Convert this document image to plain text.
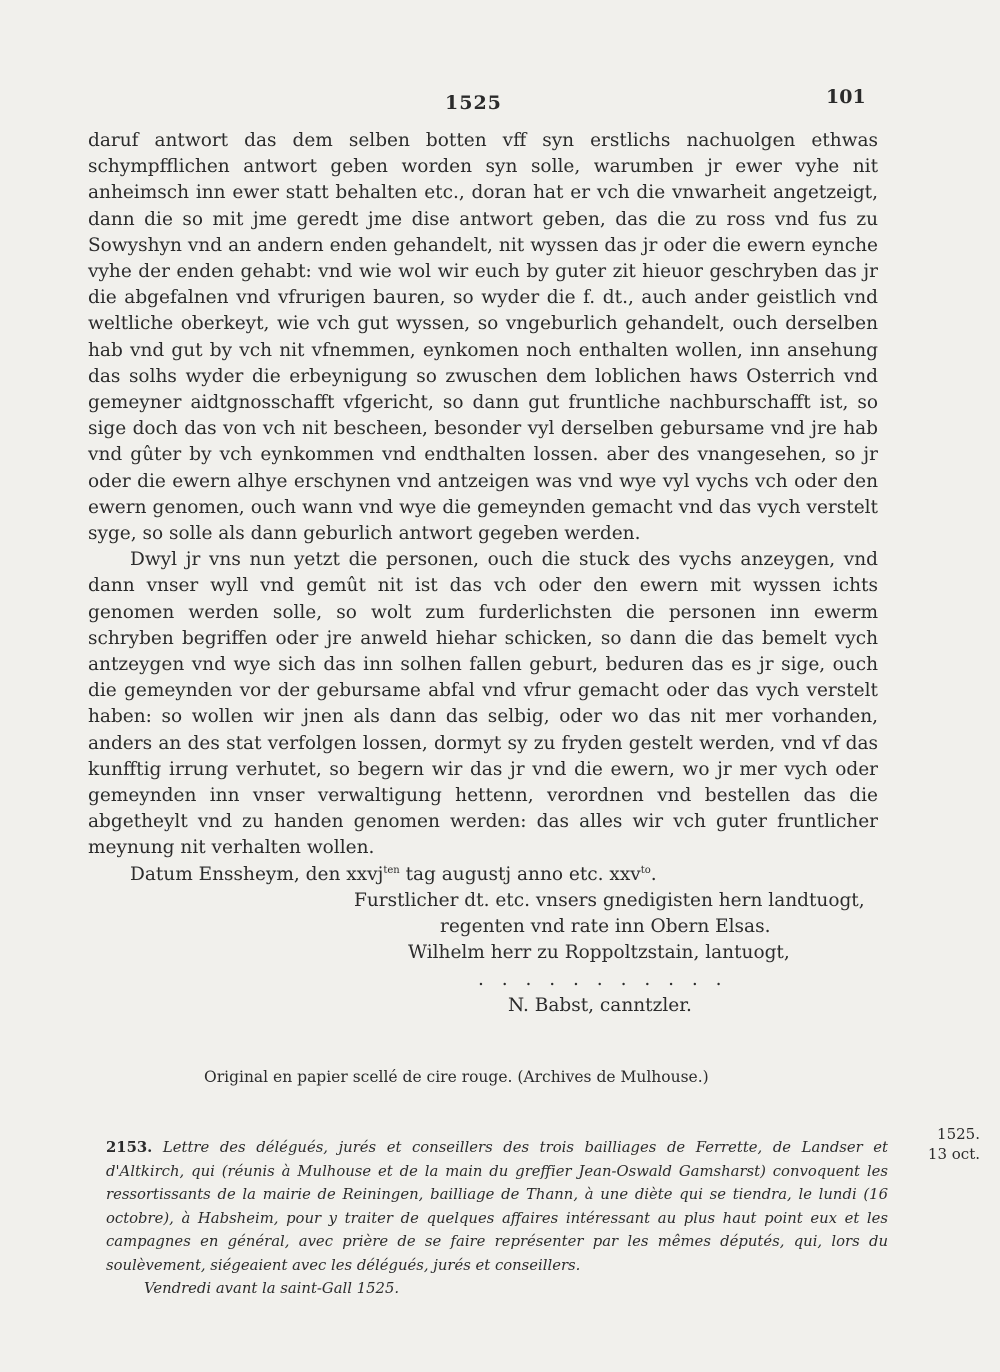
1525	101

daruf antwort das dem selben botten vff syn erstlichs nachuolgen ethwas schympfflichen antwort geben worden syn solle, warumben jr ewer vyhe nit anheimsch inn ewer statt behalten etc., doran hat er vch die vnwarheit angetzeigt, dann die so mit jme geredt jme dise antwort geben, das die zu ross vnd fus zu Sowyshyn vnd an andern enden gehandelt, nit wyssen das jr oder die ewern eynche vyhe der enden gehabt: vnd wie wol wir euch by guter zit hieuor geschryben das jr die abgefalnen vnd vfrurigen bauren, so wyder die f. dt., auch ander geistlich vnd weltliche oberkeyt, wie vch gut wyssen, so vngeburlich gehandelt, ouch derselben hab vnd gut by vch nit vfnemmen, eynkomen noch enthalten wollen, inn ansehung das solhs wyder die erbeynigung so zwuschen dem loblichen haws Osterrich vnd gemeyner aidtgnosschafft vfgericht, so dann gut fruntliche nachburschafft ist, so sige doch das von vch nit bescheen, besonder vyl derselben gebursame vnd jre hab vnd gûter by vch eynkommen vnd endthalten lossen. aber des vnangesehen, so jr oder die ewern alhye erschynen vnd antzeigen was vnd wye vyl vychs vch oder den ewern genomen, ouch wann vnd wye die gemeynden gemacht vnd das vych verstelt syge, so solle als dann geburlich antwort gegeben werden.

Dwyl jr vns nun yetzt die personen, ouch die stuck des vychs anzeygen, vnd dann vnser wyll vnd gemût nit ist das vch oder den ewern mit wyssen ichts genomen werden solle, so wolt zum furderlichsten die personen inn ewerm schryben begriffen oder jre anweld hiehar schicken, so dann die das bemelt vych antzeygen vnd wye sich das inn solhen fallen geburt, beduren das es jr sige, ouch die gemeynden vor der gebursame abfal vnd vfrur gemacht oder das vych verstelt haben: so wollen wir jnen als dann das selbig, oder wo das nit mer vorhanden, anders an des stat verfolgen lossen, dormyt sy zu fryden gestelt werden, vnd vf das kunfftig irrung verhutet, so begern wir das jr vnd die ewern, wo jr mer vych oder gemeynden inn vnser verwaltigung hettenn, verordnen vnd bestellen das die abgetheylt vnd zu handen genomen werden: das alles wir vch guter fruntlicher meynung nit verhalten wollen.

Datum Enssheym, den xxvj$^{ten}$ tag augustj anno etc. xxv$^{to}$.

Furstlicher dt. etc. vnsers gnedigisten hern landtuogt,

regenten vnd rate inn Obern Elsas.

Wilhelm herr zu Roppoltzstain, lantuogt,

. . . . . . . . . . .

N. Babst, canntzler.

Original en papier scellé de cire rouge. (Archives de Mulhouse.)
2153. Lettre des délégués, jurés et conseillers des trois bailliages de Ferrette, de Landser et d'Altkirch, qui (réunis à Mulhouse et de la main du greffier Jean-Oswald Gamsharst) convoquent les ressortissants de la mairie de Reiningen, bailliage de Thann, à une diète qui se tiendra, le lundi (16 octobre), à Habsheim, pour y traiter de quelques affaires intéressant au plus haut point eux et les campagnes en général, avec prière de se faire représenter par les mêmes députés, qui, lors du soulèvement, siégeaient avec les délégués, jurés et conseillers.
Vendredi avant la saint-Gall 1525.
1525.
13 oct.
